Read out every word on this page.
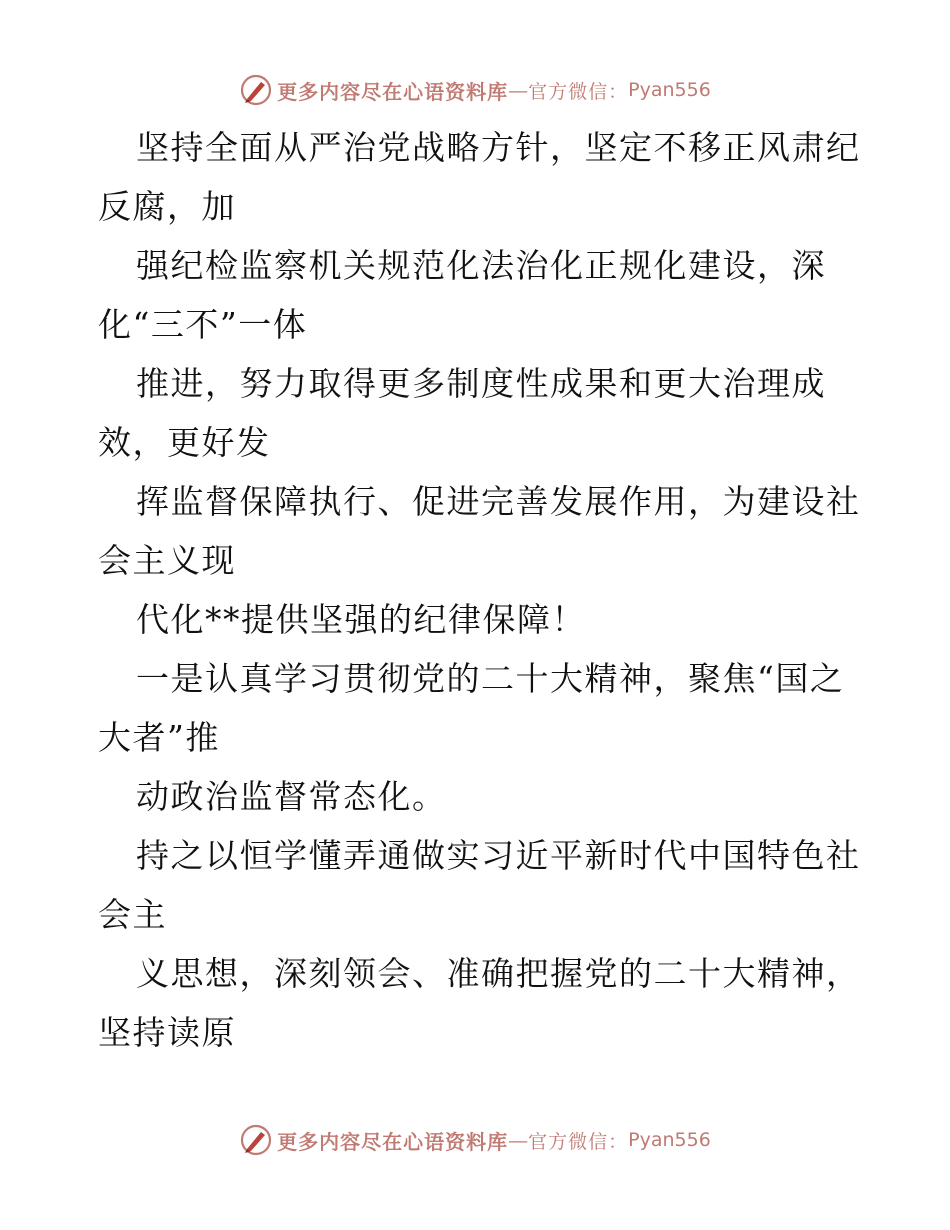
更多内容尽在心语资料库 — 官方微信： Pyan556

坚持全面从严治党战略方针，坚定不移正风肃纪

反腐，加

强纪检监察机关规范化法治化正规化建设，深

化“三不”一体

推进，努力取得更多制度性成果和更大治理成

效，更好发

挥监督保障执行、促进完善发展作用，为建设社

会主义现

代化**提供坚强的纪律保障！

一是认真学习贯彻党的二十大精神，聚焦“国之

大者”推

动政治监督常态化。

持之以恒学懂弄通做实习近平新时代中国特色社

会主

义思想，深刻领会、准确把握党的二十大精神，

坚持读原

更多内容尽在心语资料库 — 官方微信： Pyan556
